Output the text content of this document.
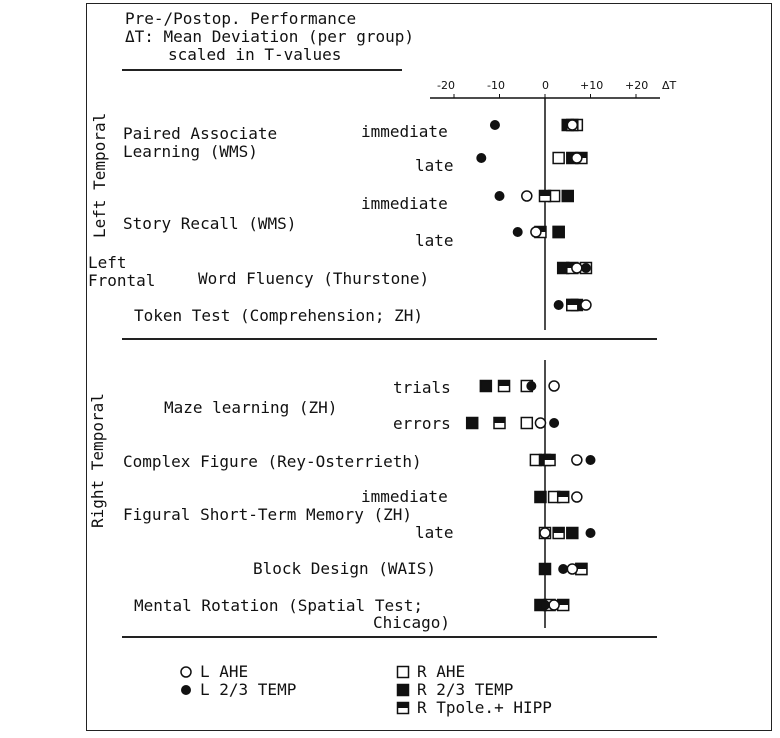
Pre-/Postop. Performance
ΔT: Mean Deviation (per group)
scaled in T-values
-20	-10	0	+10 +20 ΔT
Left Temporal
Left
Frontal
Right Temporal
Paired Associate
Learning (WMS)
immediate
late
immediate
Story Recall (WMS)
late
Word Fluency (Thurstone)
Token Test (Comprehension; ZH)
trials
Maze learning (ZH)
errors
Complex Figure (Rey-Osterrieth)
immediate
Figural Short-Term Memory (ZH)
late
Block Design (WAIS)
Mental Rotation (Spatial Test;
Chicago)
L AHE
L 2/3 TEMP
R AHE
R 2/3 TEMP
R Tpole.+ HIPP
